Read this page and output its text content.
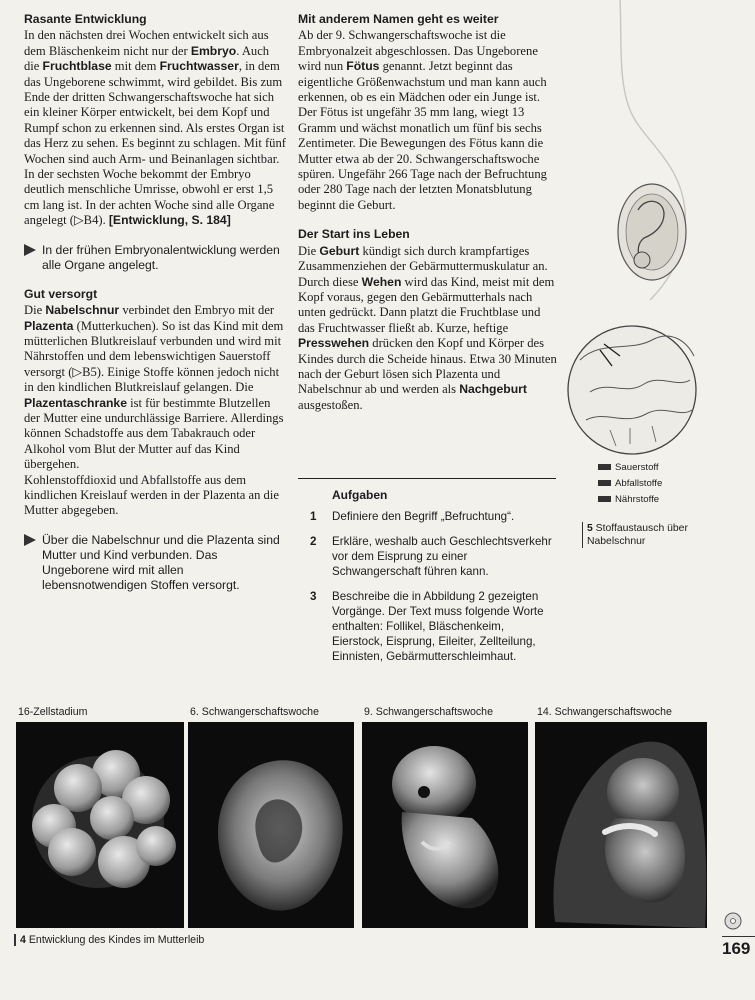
Rasante Entwicklung

In den nächsten drei Wochen entwickelt sich aus dem Bläschenkeim nicht nur der Embryo. Auch die Fruchtblase mit dem Fruchtwasser, in dem das Ungeborene schwimmt, wird gebildet. Bis zum Ende der dritten Schwangerschaftswoche hat sich ein kleiner Körper entwickelt, bei dem Kopf und Rumpf schon zu erkennen sind. Als erstes Organ ist das Herz zu sehen. Es beginnt zu schlagen. Mit fünf Wochen sind auch Arm- und Beinanlagen sichtbar. In der sechsten Woche bekommt der Embryo deutlich menschliche Umrisse, obwohl er erst 1,5 cm lang ist. In der achten Woche sind alle Organe angelegt (▷B4). [Entwicklung, S. 184]

In der frühen Embryonalentwicklung werden alle Organe angelegt.
Gut versorgt

Die Nabelschnur verbindet den Embryo mit der Plazenta (Mutterkuchen). So ist das Kind mit dem mütterlichen Blutkreislauf verbunden und wird mit Nährstoffen und dem lebenswichtigen Sauerstoff versorgt (▷B5). Einige Stoffe können jedoch nicht in den kindlichen Blutkreislauf gelangen. Die Plazentaschranke ist für bestimmte Blutzellen der Mutter eine undurchlässige Barriere. Allerdings können Schadstoffe aus dem Tabakrauch oder Alkohol vom Blut der Mutter auf das Kind übergehen.

Kohlenstoffdioxid und Abfallstoffe aus dem kindlichen Kreislauf werden in der Plazenta an die Mutter abgegeben.

Über die Nabelschnur und die Plazenta sind Mutter und Kind verbunden. Das Ungeborene wird mit allen lebensnotwendigen Stoffen versorgt.
Mit anderem Namen geht es weiter

Ab der 9. Schwangerschaftswoche ist die Embryonalzeit abgeschlossen. Das Ungeborene wird nun Fötus genannt. Jetzt beginnt das eigentliche Größenwachstum und man kann auch erkennen, ob es ein Mädchen oder ein Junge ist. Der Fötus ist ungefähr 35 mm lang, wiegt 13 Gramm und wächst monatlich um fünf bis sechs Zentimeter. Die Bewegungen des Fötus kann die Mutter etwa ab der 20. Schwangerschaftswoche spüren. Ungefähr 266 Tage nach der Befruchtung oder 280 Tage nach der letzten Monatsblutung beginnt die Geburt.

Der Start ins Leben

Die Geburt kündigt sich durch krampfartiges Zusammenziehen der Gebärmuttermuskulatur an. Durch diese Wehen wird das Kind, meist mit dem Kopf voraus, gegen den Gebärmutterhals nach unten gedrückt. Dann platzt die Fruchtblase und das Fruchtwasser fließt ab. Kurze, heftige Presswehen drücken den Kopf und Körper des Kindes durch die Scheide hinaus. Etwa 30 Minuten nach der Geburt lösen sich Plazenta und Nabelschnur ab und werden als Nachgeburt ausgestoßen.

Aufgaben
1 Definiere den Begriff „Befruchtung“.
2 Erkläre, weshalb auch Geschlechtsverkehr vor dem Eisprung zu einer Schwangerschaft führen kann.
3 Beschreibe die in Abbildung 2 gezeigten Vorgänge. Der Text muss folgende Worte enthalten: Follikel, Bläschenkeim, Eierstock, Eisprung, Eileiter, Zellteilung, Einnisten, Gebärmutterschleimhaut.
Sauerstoff
Abfallstoffe
Nährstoffe
5 Stoffaustausch über Nabelschnur
16-Zellstadium	6. Schwangerschaftswoche	9. Schwangerschaftswoche	14. Schwangerschaftswoche
4 Entwicklung des Kindes im Mutterleib	169
